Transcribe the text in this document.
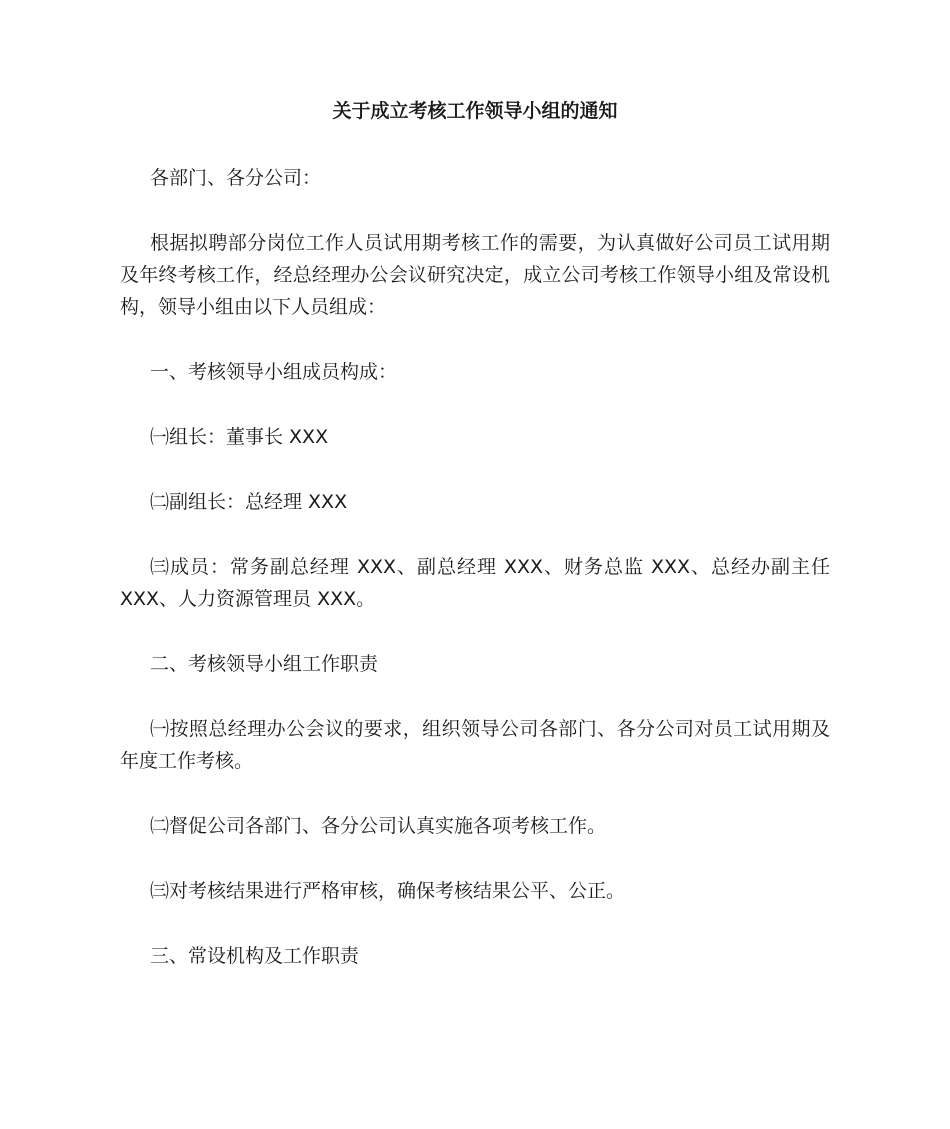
关于成立考核工作领导小组的通知

各部门、各分公司：

根据拟聘部分岗位工作人员试用期考核工作的需要，为认真做好公司员工试用期及年终考核工作，经总经理办公会议研究决定，成立公司考核工作领导小组及常设机构，领导小组由以下人员组成：

一、考核领导小组成员构成：

㈠组长：董事长 XXX

㈡副组长：总经理 XXX

㈢成员：常务副总经理 XXX、副总经理 XXX、财务总监 XXX、总经办副主任 XXX、人力资源管理员 XXX。

二、考核领导小组工作职责

㈠按照总经理办公会议的要求，组织领导公司各部门、各分公司对员工试用期及年度工作考核。

㈡督促公司各部门、各分公司认真实施各项考核工作。

㈢对考核结果进行严格审核，确保考核结果公平、公正。

三、常设机构及工作职责
